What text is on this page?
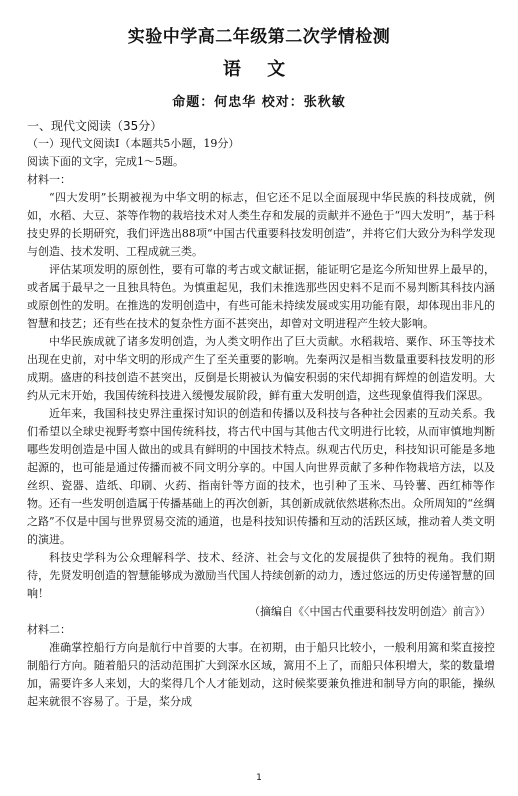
实验中学高二年级第二次学情检测
语 文
命题：何忠华 校对：张秋敏

一、现代文阅读（35分）

（一）现代文阅读Ⅰ（本题共5小题，19分）

阅读下面的文字，完成1～5题。

材料一：

“四大发明”长期被视为中华文明的标志，但它还不足以全面展现中华民族的科技成就，例如，水稻、大豆、茶等作物的栽培技术对人类生存和发展的贡献并不逊色于“四大发明”，基于科技史界的长期研究，我们评选出88项“中国古代重要科技发明创造”，并将它们大致分为科学发现与创造、技术发明、工程成就三类。

评估某项发明的原创性，要有可靠的考古或文献证据，能证明它是迄今所知世界上最早的，或者属于最早之一且独具特色。为慎重起见，我们未推选那些因史料不足而不易判断其科技内涵或原创性的发明。在推选的发明创造中，有些可能未持续发展或实用功能有限，却体现出非凡的智慧和技艺；还有些在技术的复杂性方面不甚突出，却曾对文明进程产生较大影响。

中华民族成就了诸多发明创造，为人类文明作出了巨大贡献。水稻栽培、粟作、环玉等技术出现在史前，对中华文明的形成产生了至关重要的影响。先秦两汉是相当数量重要科技发明的形成期。盛唐的科技创造不甚突出，反倒是长期被认为偏安积弱的宋代却拥有辉煌的创造发明。大约从元末开始，我国传统科技进入缓慢发展阶段，鲜有重大发明创造，这些现象值得我们深思。

近年来，我国科技史界注重探讨知识的创造和传播以及科技与各种社会因素的互动关系。我们希望以全球史视野考察中国传统科技，将古代中国与其他古代文明进行比较，从而审慎地判断哪些发明创造是中国人做出的或具有鲜明的中国技术特点。纵观古代历史，科技知识可能是多地起源的，也可能是通过传播而被不同文明分享的。中国人向世界贡献了多种作物栽培方法，以及丝织、瓷器、造纸、印刷、火药、指南针等方面的技术，也引种了玉米、马铃薯、西红柿等作物。还有一些发明创造属于传播基础上的再次创新，其创新成就依然堪称杰出。众所周知的“丝绸之路”不仅是中国与世界贸易交流的通道，也是科技知识传播和互动的活跃区域，推动着人类文明的演进。

科技史学科为公众理解科学、技术、经济、社会与文化的发展提供了独特的视角。我们期待，先贤发明创造的智慧能够成为激励当代国人持续创新的动力，透过悠远的历史传递智慧的回响！

（摘编自《〈中国古代重要科技发明创造〉前言》）

材料二：

准确掌控船行方向是航行中首要的大事。在初期，由于船只比较小，一般利用篙和桨直接控制船行方向。随着船只的活动范围扩大到深水区域，篙用不上了，而船只体积增大，桨的数量增加，需要许多人来划，大的桨得几个人才能划动，这时候桨要兼负推进和制导方向的职能，操纵起来就很不容易了。于是，桨分成

1
